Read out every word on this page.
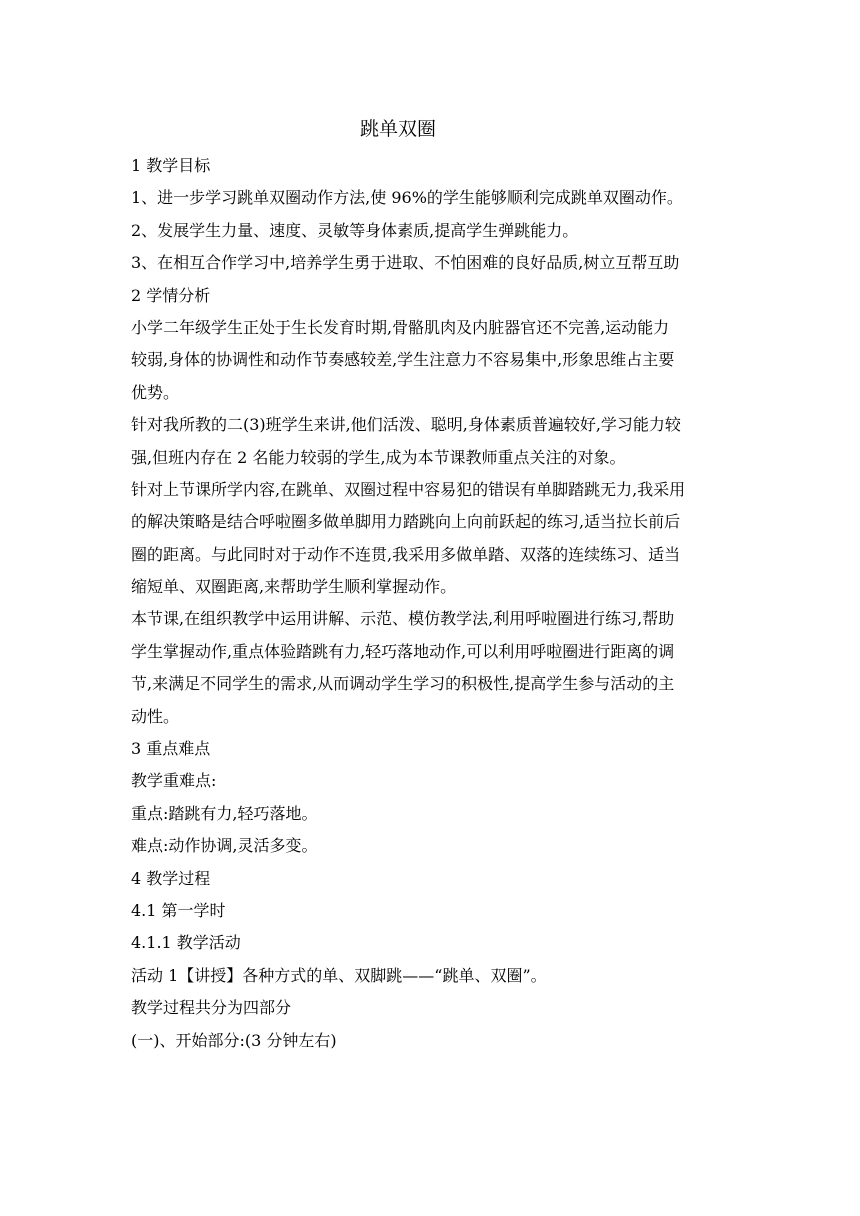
跳单双圈
1 教学目标
1、进一步学习跳单双圈动作方法,使 96%的学生能够顺利完成跳单双圈动作。
2、发展学生力量、速度、灵敏等身体素质,提高学生弹跳能力。
3、在相互合作学习中,培养学生勇于进取、不怕困难的良好品质,树立互帮互助
2 学情分析
小学二年级学生正处于生长发育时期,骨骼肌肉及内脏器官还不完善,运动能力
较弱,身体的协调性和动作节奏感较差,学生注意力不容易集中,形象思维占主要
优势。
针对我所教的二(3)班学生来讲,他们活泼、聪明,身体素质普遍较好,学习能力较
强,但班内存在 2 名能力较弱的学生,成为本节课教师重点关注的对象。
针对上节课所学内容,在跳单、双圈过程中容易犯的错误有单脚踏跳无力,我采用
的解决策略是结合呼啦圈多做单脚用力踏跳向上向前跃起的练习,适当拉长前后
圈的距离。与此同时对于动作不连贯,我采用多做单踏、双落的连续练习、适当
缩短单、双圈距离,来帮助学生顺利掌握动作。
本节课,在组织教学中运用讲解、示范、模仿教学法,利用呼啦圈进行练习,帮助
学生掌握动作,重点体验踏跳有力,轻巧落地动作,可以利用呼啦圈进行距离的调
节,来满足不同学生的需求,从而调动学生学习的积极性,提高学生参与活动的主
动性。
3 重点难点
教学重难点:
重点:踏跳有力,轻巧落地。
难点:动作协调,灵活多变。
4 教学过程
4.1 第一学时
4.1.1 教学活动
活动 1【讲授】各种方式的单、双脚跳——“跳单、双圈”。
教学过程共分为四部分
(一)、开始部分:(3 分钟左右)
